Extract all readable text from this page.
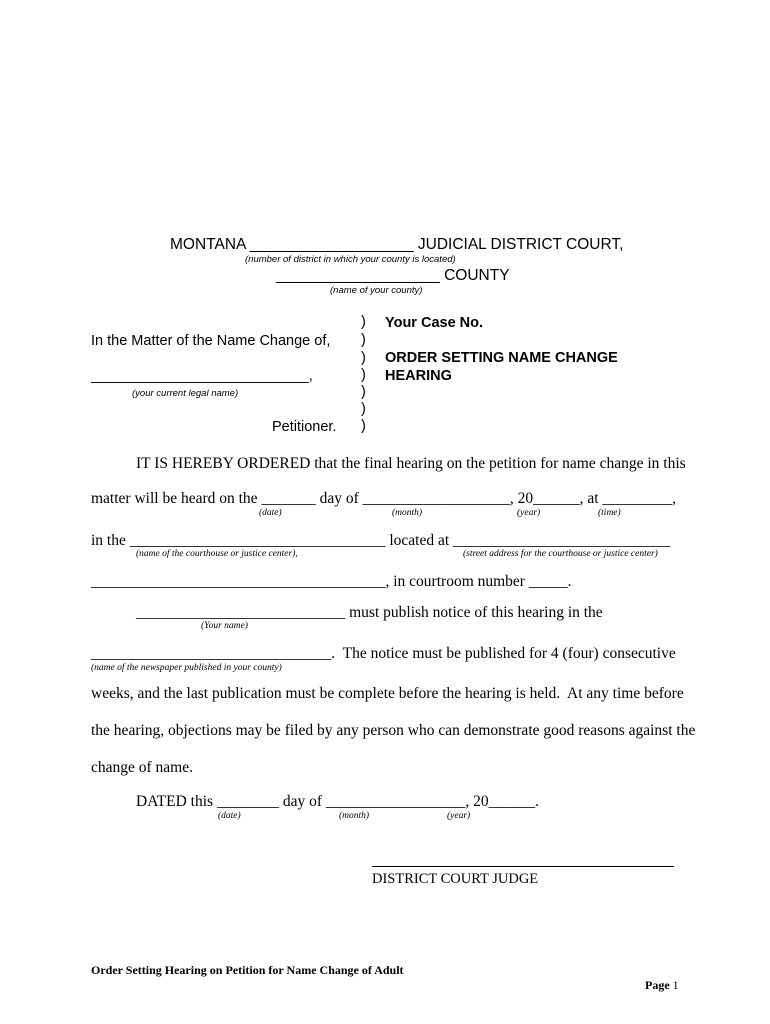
MONTANA ___________________ JUDICIAL DISTRICT COURT,
(number of district in which your county is located)
___________________ COUNTY
(name of your county)
)
)
)
)
)
)
)
In the Matter of the Name Change of,
___________________________,
(your current legal name)
Petitioner.
Your Case No.
ORDER SETTING NAME CHANGE
HEARING
IT IS HEREBY ORDERED that the final hearing on the petition for name change in this
matter will be heard on the _______ day of ___________________, 20______, at _________,
(date)	(month)	(year)	(time)
in the _________________________________ located at ____________________________
(name of the courthouse or justice center),	(street address for the courthouse or justice center)
______________________________________, in courtroom number _____.
___________________________ must publish notice of this hearing in the
(Your name)
_______________________________.  The notice must be published for 4 (four) consecutive
(name of the newspaper published in your county)
weeks, and the last publication must be complete before the hearing is held.  At any time before
the hearing, objections may be filed by any person who can demonstrate good reasons against the
change of name.
DATED this ________ day of __________________, 20______.
(date)	(month)	(year)
DISTRICT COURT JUDGE
Order Setting Hearing on Petition for Name Change of Adult

Page 1
